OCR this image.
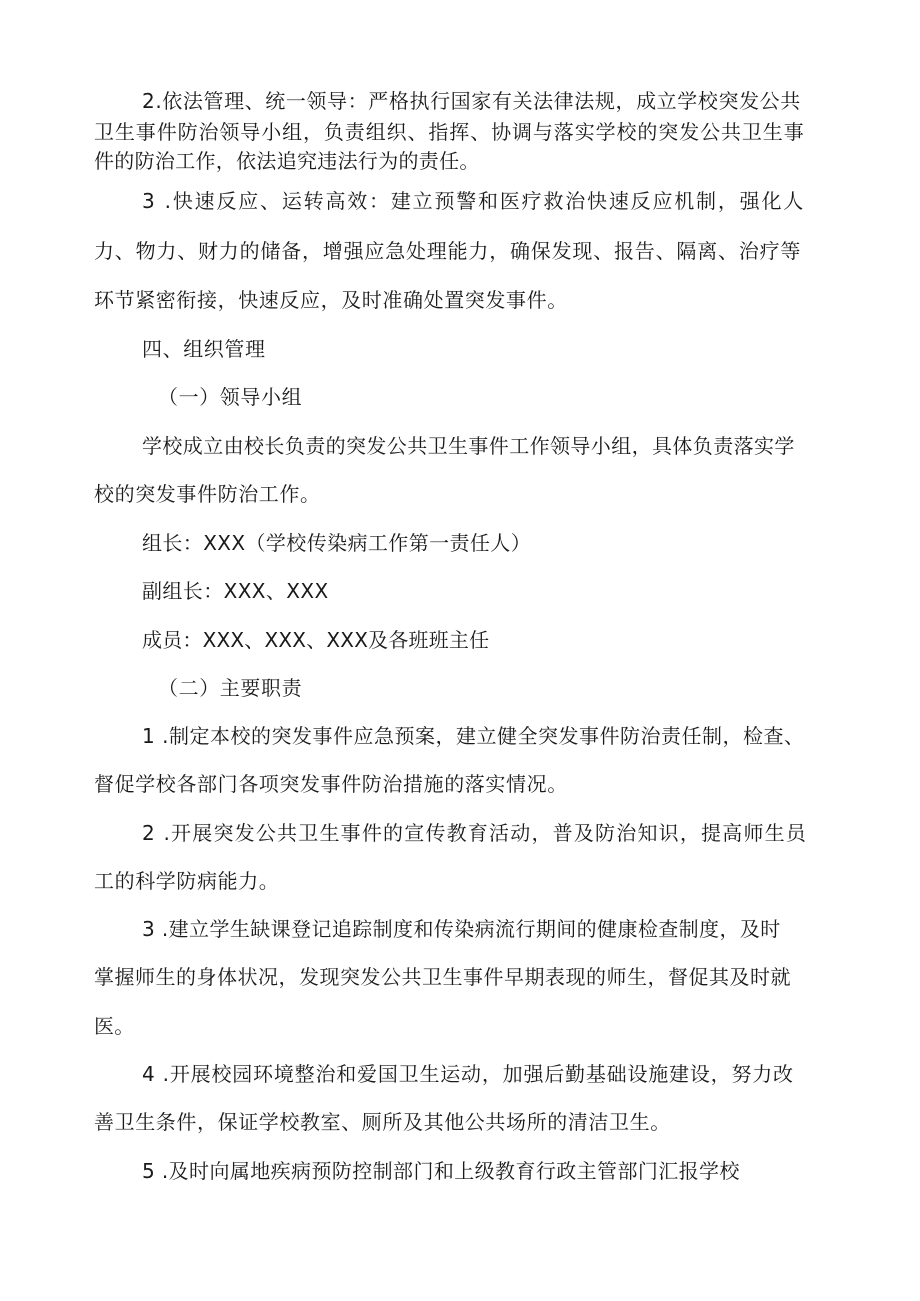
2.依法管理、统一领导：严格执行国家有关法律法规，成立学校突发公共
卫生事件防治领导小组，负责组织、指挥、协调与落实学校的突发公共卫生事
件的防治工作，依法追究违法行为的责任。
3 .快速反应、运转高效：建立预警和医疗救治快速反应机制，强化人
力、物力、财力的储备，增强应急处理能力，确保发现、报告、隔离、治疗等
环节紧密衔接，快速反应，及时准确处置突发事件。
四、组织管理
（一）领导小组
学校成立由校长负责的突发公共卫生事件工作领导小组，具体负责落实学
校的突发事件防治工作。
组长：XXX（学校传染病工作第一责任人）
副组长：XXX、XXX
成员：XXX、XXX、XXX及各班班主任
（二）主要职责
1 .制定本校的突发事件应急预案，建立健全突发事件防治责任制，检查、
督促学校各部门各项突发事件防治措施的落实情况。
2 .开展突发公共卫生事件的宣传教育活动，普及防治知识，提高师生员
工的科学防病能力。
3 .建立学生缺课登记追踪制度和传染病流行期间的健康检查制度，及时
掌握师生的身体状况，发现突发公共卫生事件早期表现的师生，督促其及时就
医。
4 .开展校园环境整治和爱国卫生运动，加强后勤基础设施建设，努力改
善卫生条件，保证学校教室、厕所及其他公共场所的清洁卫生。
5 .及时向属地疾病预防控制部门和上级教育行政主管部门汇报学校
